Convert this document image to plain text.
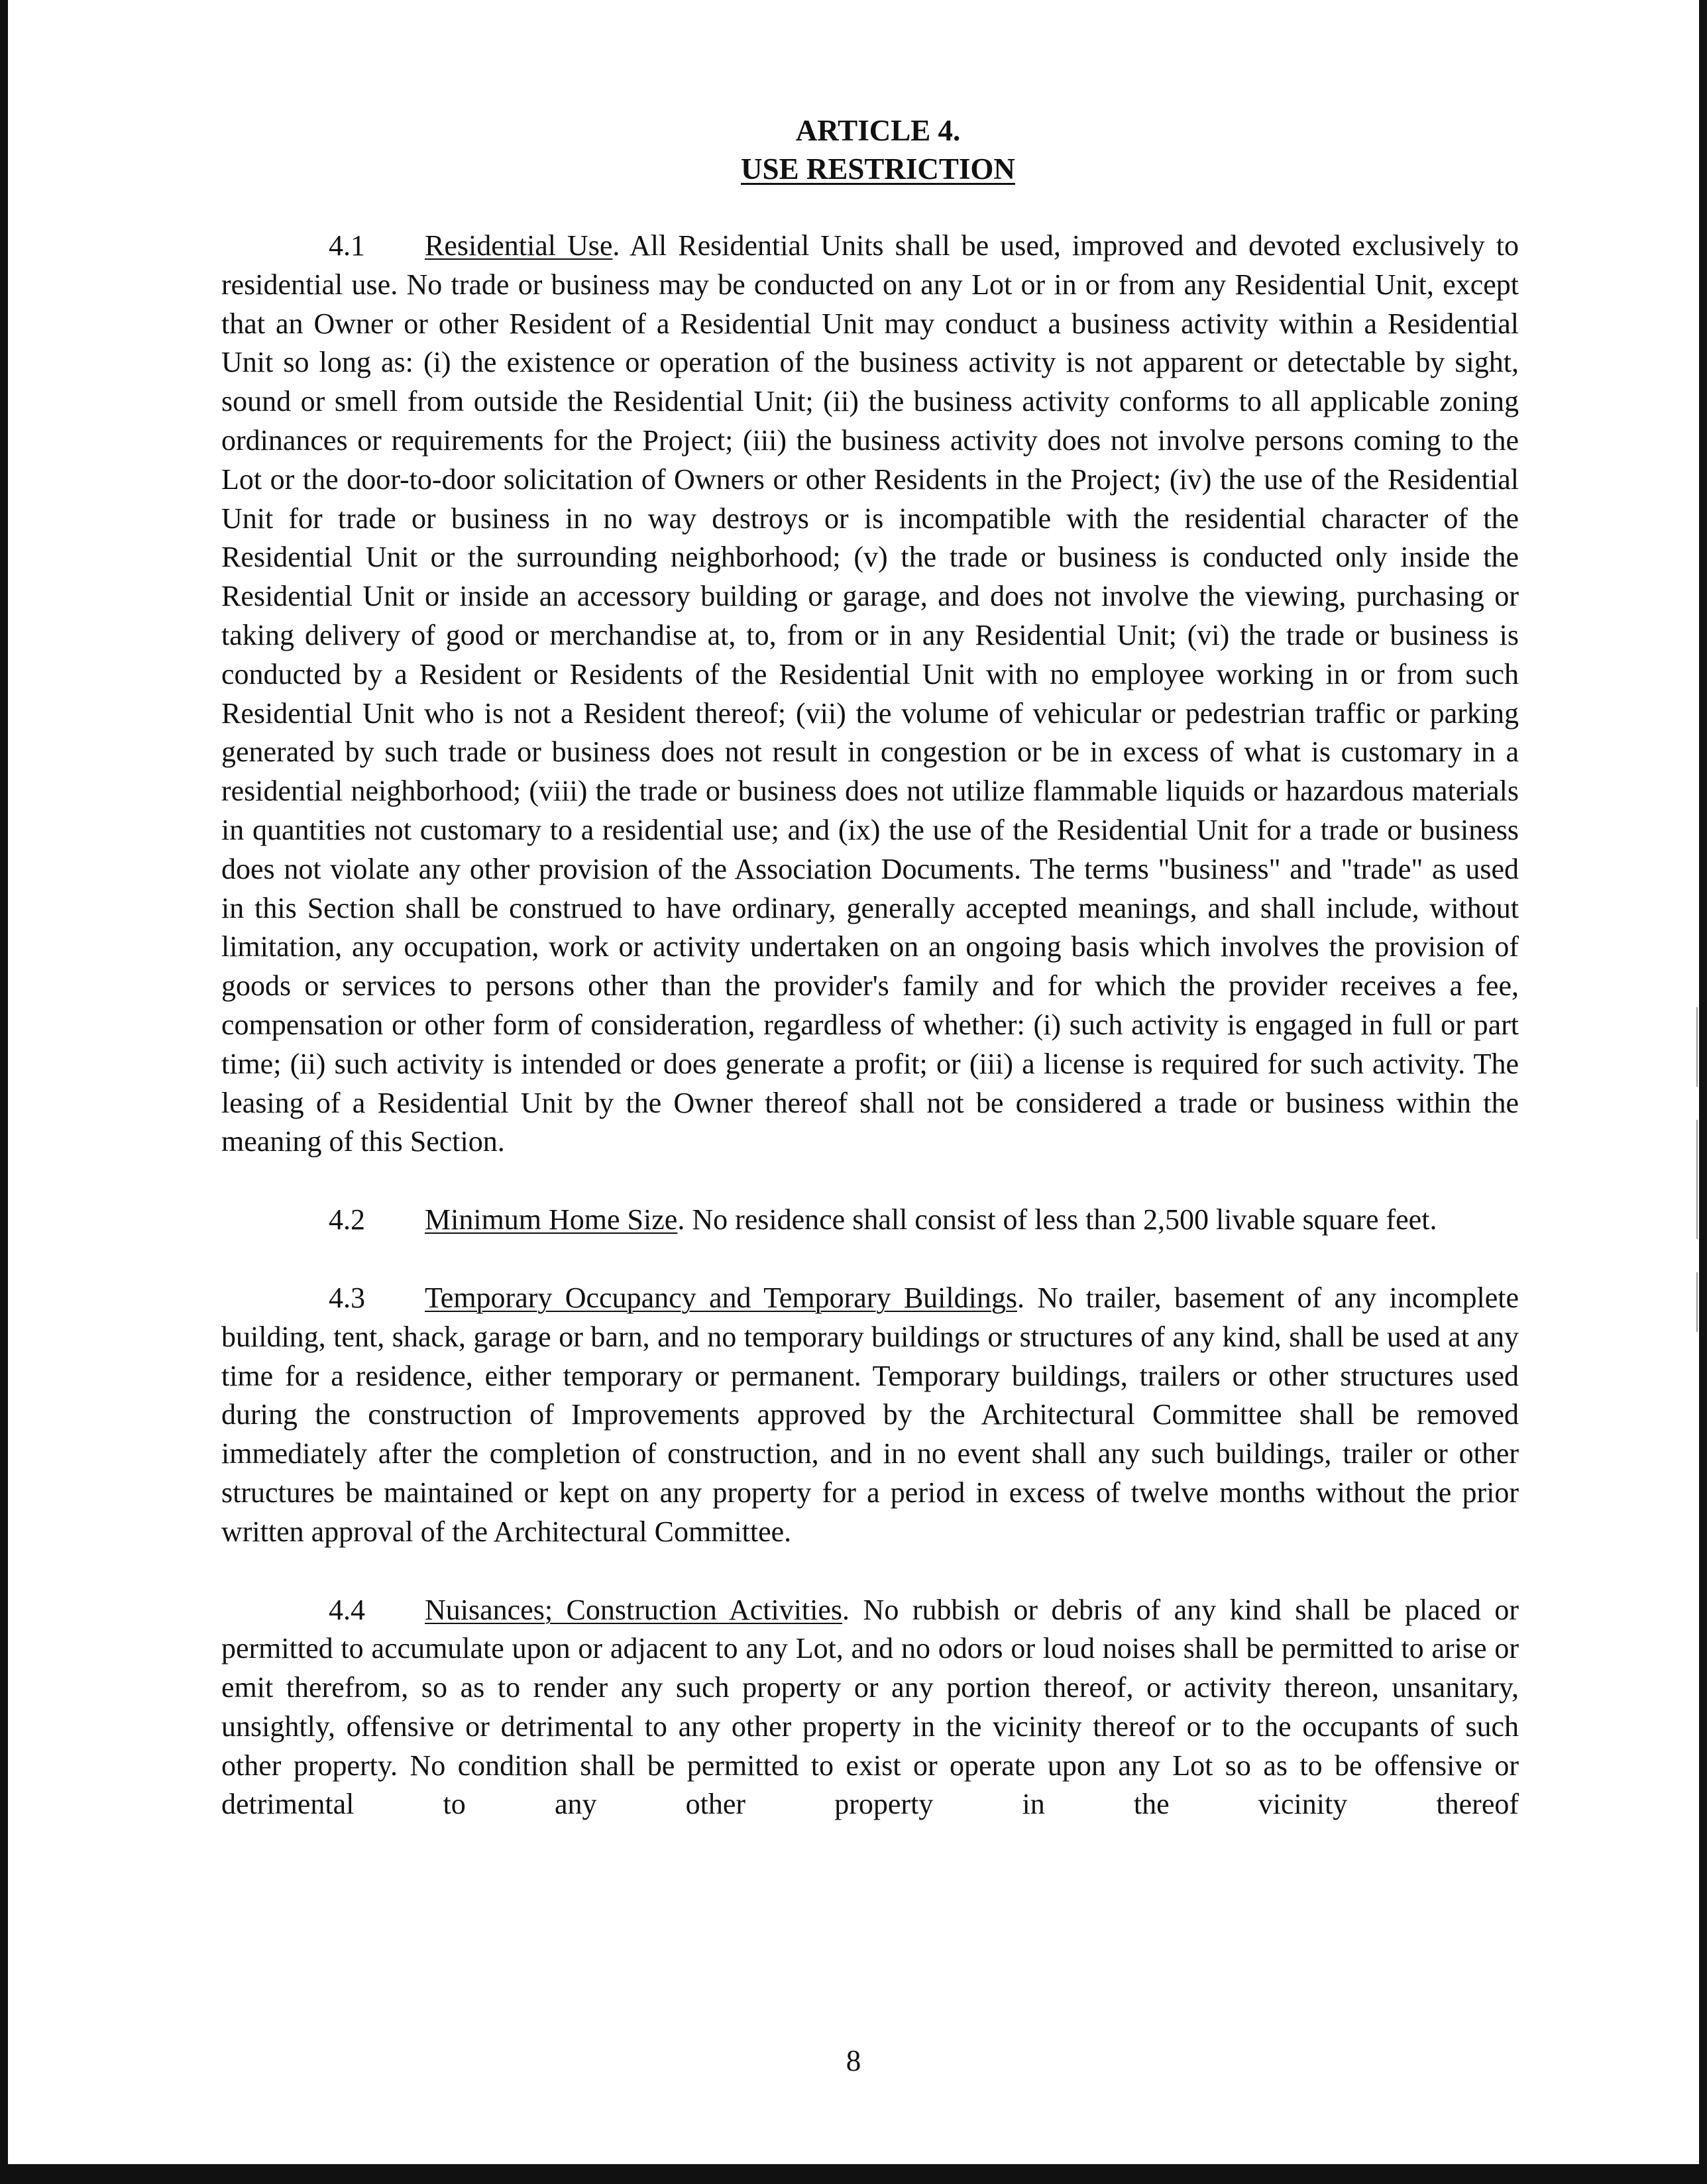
ARTICLE 4.
USE RESTRICTION

4.1 Residential Use. All Residential Units shall be used, improved and devoted exclusively to residential use. No trade or business may be conducted on any Lot or in or from any Residential Unit, except that an Owner or other Resident of a Residential Unit may conduct a business activity within a Residential Unit so long as: (i) the existence or operation of the business activity is not apparent or detectable by sight, sound or smell from outside the Residential Unit; (ii) the business activity conforms to all applicable zoning ordinances or requirements for the Project; (iii) the business activity does not involve persons coming to the Lot or the door-to-door solicitation of Owners or other Residents in the Project; (iv) the use of the Residential Unit for trade or business in no way destroys or is incompatible with the residential character of the Residential Unit or the surrounding neighborhood; (v) the trade or business is conducted only inside the Residential Unit or inside an accessory building or garage, and does not involve the viewing, purchasing or taking delivery of good or merchandise at, to, from or in any Residential Unit; (vi) the trade or business is conducted by a Resident or Residents of the Residential Unit with no employee working in or from such Residential Unit who is not a Resident thereof; (vii) the volume of vehicular or pedestrian traffic or parking generated by such trade or business does not result in congestion or be in excess of what is customary in a residential neighborhood; (viii) the trade or business does not utilize flammable liquids or hazardous materials in quantities not customary to a residential use; and (ix) the use of the Residential Unit for a trade or business does not violate any other provision of the Association Documents. The terms "business" and "trade" as used in this Section shall be construed to have ordinary, generally accepted meanings, and shall include, without limitation, any occupation, work or activity undertaken on an ongoing basis which involves the provision of goods or services to persons other than the provider's family and for which the provider receives a fee, compensation or other form of consideration, regardless of whether: (i) such activity is engaged in full or part time; (ii) such activity is intended or does generate a profit; or (iii) a license is required for such activity. The leasing of a Residential Unit by the Owner thereof shall not be considered a trade or business within the meaning of this Section.

4.2 Minimum Home Size. No residence shall consist of less than 2,500 livable square feet.

4.3 Temporary Occupancy and Temporary Buildings. No trailer, basement of any incomplete building, tent, shack, garage or barn, and no temporary buildings or structures of any kind, shall be used at any time for a residence, either temporary or permanent. Temporary buildings, trailers or other structures used during the construction of Improvements approved by the Architectural Committee shall be removed immediately after the completion of construction, and in no event shall any such buildings, trailer or other structures be maintained or kept on any property for a period in excess of twelve months without the prior written approval of the Architectural Committee.

4.4 Nuisances; Construction Activities. No rubbish or debris of any kind shall be placed or permitted to accumulate upon or adjacent to any Lot, and no odors or loud noises shall be permitted to arise or emit therefrom, so as to render any such property or any portion thereof, or activity thereon, unsanitary, unsightly, offensive or detrimental to any other property in the vicinity thereof or to the occupants of such other property. No condition shall be permitted to exist or operate upon any Lot so as to be offensive or detrimental to any other property in the vicinity thereof

8
